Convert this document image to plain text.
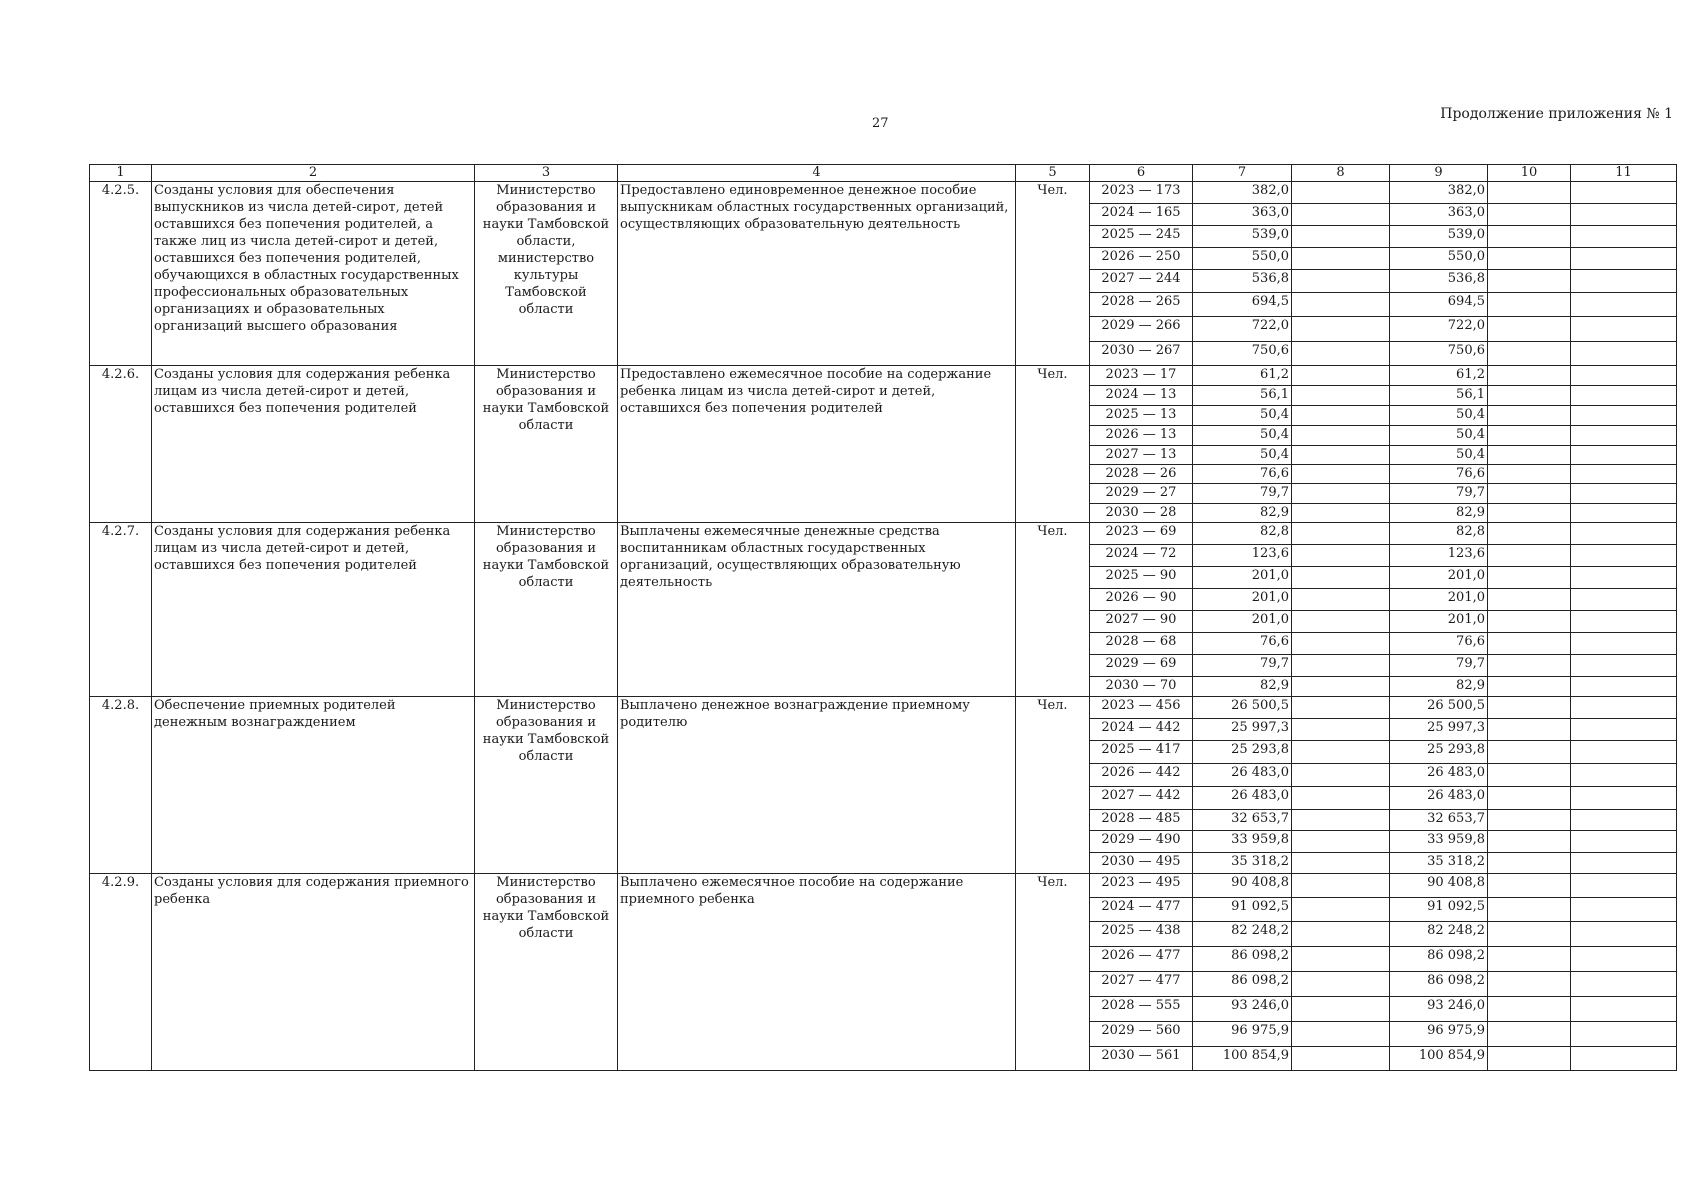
27
Продолжение приложения № 1
1	2	3	4	5	6	7	8	9	10	11
4.2.5.	Созданы условия для обеспечения выпускников из числа детей-сирот, детей оставшихся без попечения родителей, а также лиц из числа детей-сирот и детей, оставшихся без попечения родителей, обучающихся в областных государственных профессиональных образовательных организациях и образовательных организаций высшего образования	Министерство образования и науки Тамбовской области, министерство культуры Тамбовской области	Предоставлено единовременное денежное пособие выпускникам областных государственных организаций, осуществляющих образовательную деятельность	Чел.	2023 — 173	382,0		382,0		
					2024 — 165	363,0		363,0		
					2025 — 245	539,0		539,0		
					2026 — 250	550,0		550,0		
					2027 — 244	536,8		536,8		
					2028 — 265	694,5		694,5		
					2029 — 266	722,0		722,0		
					2030 — 267	750,6		750,6		
4.2.6.	Созданы условия для содержания ребенка лицам из числа детей-сирот и детей, оставшихся без попечения родителей	Министерство образования и науки Тамбовской области	Предоставлено ежемесячное пособие на содержание ребенка лицам из числа детей-сирот и детей, оставшихся без попечения родителей	Чел.	2023 — 17	61,2		61,2		
					2024 — 13	56,1		56,1		
					2025 — 13	50,4		50,4		
					2026 — 13	50,4		50,4		
					2027 — 13	50,4		50,4		
					2028 — 26	76,6		76,6		
					2029 — 27	79,7		79,7		
					2030 — 28	82,9		82,9		
4.2.7.	Созданы условия для содержания ребенка лицам из числа детей-сирот и детей, оставшихся без попечения родителей	Министерство образования и науки Тамбовской области	Выплачены ежемесячные денежные средства воспитанникам областных государственных организаций, осуществляющих образовательную деятельность	Чел.	2023 — 69	82,8		82,8		
					2024 — 72	123,6		123,6		
					2025 — 90	201,0		201,0		
					2026 — 90	201,0		201,0		
					2027 — 90	201,0		201,0		
					2028 — 68	76,6		76,6		
					2029 — 69	79,7		79,7		
					2030 — 70	82,9		82,9		
4.2.8.	Обеспечение приемных родителей денежным вознаграждением	Министерство образования и науки Тамбовской области	Выплачено денежное вознаграждение приемному родителю	Чел.	2023 — 456	26 500,5		26 500,5		
					2024 — 442	25 997,3		25 997,3		
					2025 — 417	25 293,8		25 293,8		
					2026 — 442	26 483,0		26 483,0		
					2027 — 442	26 483,0		26 483,0		
					2028 — 485	32 653,7		32 653,7		
					2029 — 490	33 959,8		33 959,8		
					2030 — 495	35 318,2		35 318,2		
4.2.9.	Созданы условия для содержания приемного ребенка	Министерство образования и науки Тамбовской области	Выплачено ежемесячное пособие на содержание приемного ребенка	Чел.	2023 — 495	90 408,8		90 408,8		
					2024 — 477	91 092,5		91 092,5		
					2025 — 438	82 248,2		82 248,2		
					2026 — 477	86 098,2		86 098,2		
					2027 — 477	86 098,2		86 098,2		
					2028 — 555	93 246,0		93 246,0		
					2029 — 560	96 975,9		96 975,9		
					2030 — 561	100 854,9		100 854,9		
